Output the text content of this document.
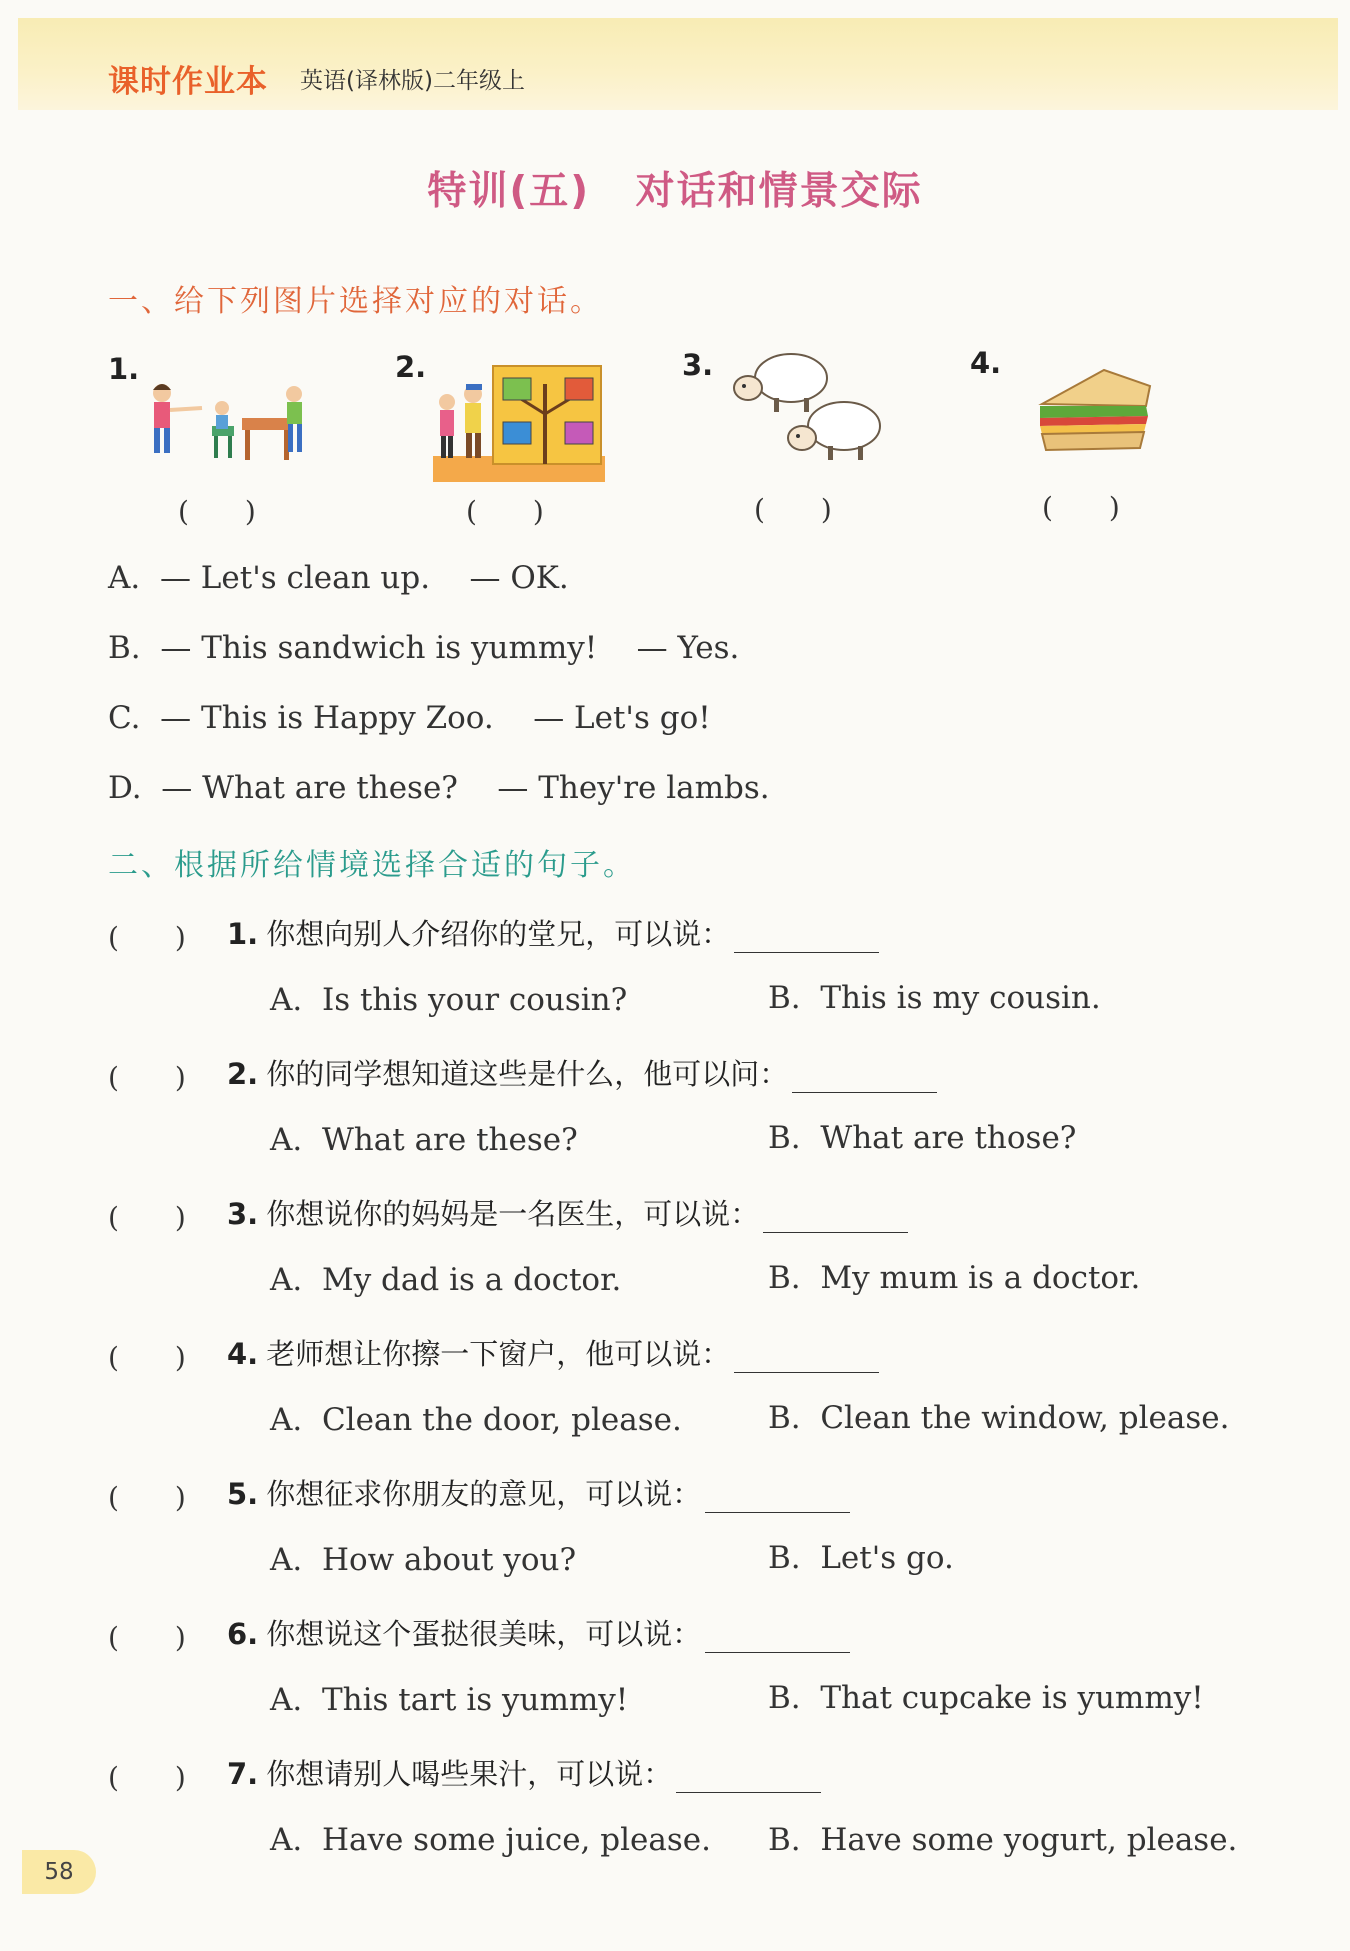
课时作业本 英语(译林版)二年级上
特训(五) 对话和情景交际
一、给下列图片选择对应的对话。
1.
(　　)
2.
(　　)
3.
(　　)
4.
(　　)
A.  — Let's clean up.    — OK.
B.  — This sandwich is yummy!    — Yes.
C.  — This is Happy Zoo.    — Let's go!
D.  — What are these?    — They're lambs.
二、根据所给情境选择合适的句子。
(　　) 1. 你想向别人介绍你的堂兄，可以说：
A.  Is this your cousin?	B.  This is my cousin.
(　　) 2. 你的同学想知道这些是什么，他可以问：
A.  What are these?	B.  What are those?
(　　) 3. 你想说你的妈妈是一名医生，可以说：
A.  My dad is a doctor.	B.  My mum is a doctor.
(　　) 4. 老师想让你擦一下窗户，他可以说：
A.  Clean the door, please.	B.  Clean the window, please.
(　　) 5. 你想征求你朋友的意见，可以说：
A.  How about you?	B.  Let's go.
(　　) 6. 你想说这个蛋挞很美味，可以说：
A.  This tart is yummy!	B.  That cupcake is yummy!
(　　) 7. 你想请别人喝些果汁，可以说：
A.  Have some juice, please. B.  Have some yogurt, please.
58
